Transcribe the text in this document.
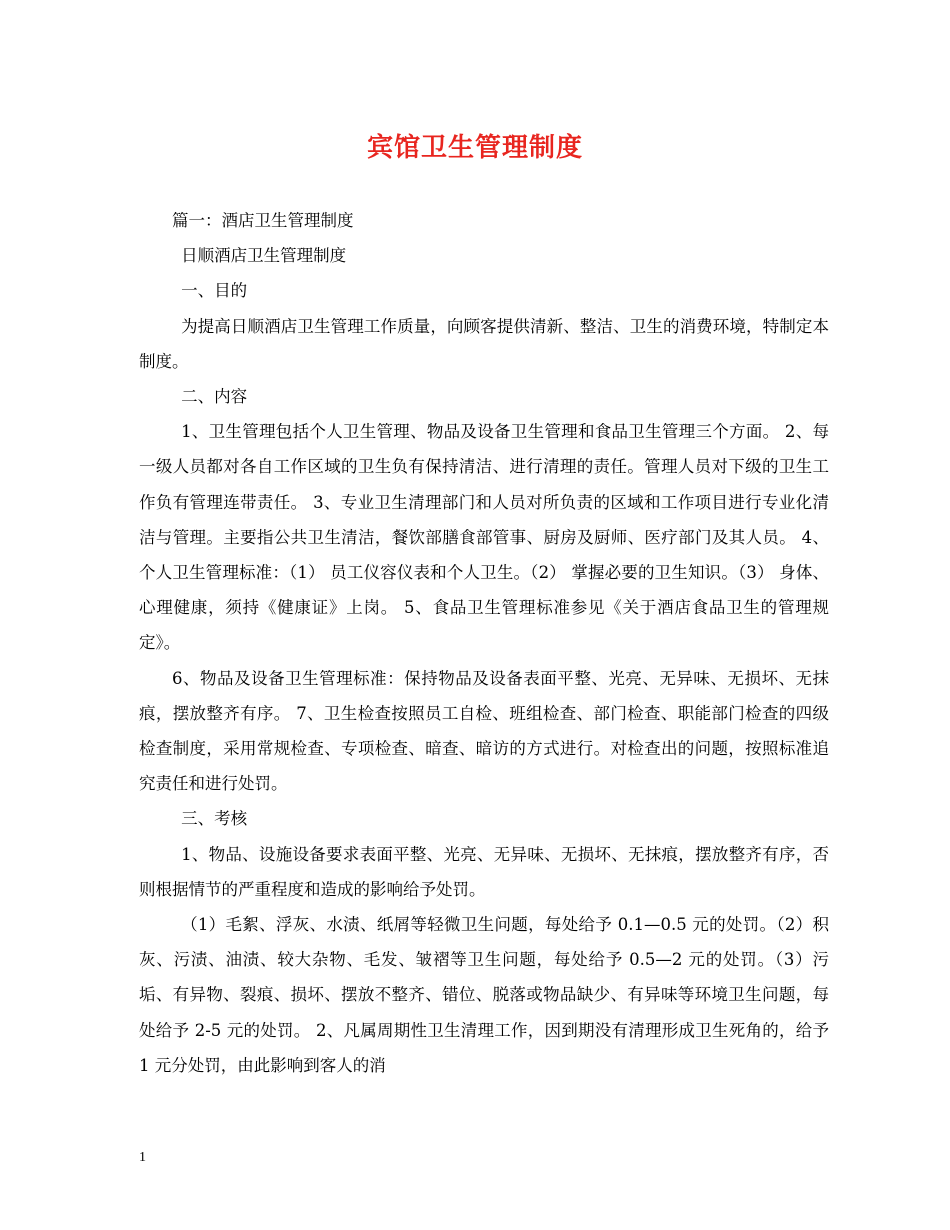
宾馆卫生管理制度

篇一：酒店卫生管理制度

日顺酒店卫生管理制度

一、目的

为提高日顺酒店卫生管理工作质量，向顾客提供清新、整洁、卫生的消费环境，特制定本制度。

二、内容

1、卫生管理包括个人卫生管理、物品及设备卫生管理和食品卫生管理三个方面。 2、每一级人员都对各自工作区域的卫生负有保持清洁、进行清理的责任。管理人员对下级的卫生工作负有管理连带责任。 3、专业卫生清理部门和人员对所负责的区域和工作项目进行专业化清洁与管理。主要指公共卫生清洁，餐饮部膳食部管事、厨房及厨师、医疗部门及其人员。 4、个人卫生管理标准：（1） 员工仪容仪表和个人卫生。（2） 掌握必要的卫生知识。（3） 身体、心理健康，须持《健康证》上岗。 5、食品卫生管理标准参见《关于酒店食品卫生的管理规定》。

6、物品及设备卫生管理标准：保持物品及设备表面平整、光亮、无异味、无损坏、无抹痕，摆放整齐有序。 7、卫生检查按照员工自检、班组检查、部门检查、职能部门检查的四级检查制度，采用常规检查、专项检查、暗查、暗访的方式进行。对检查出的问题，按照标准追究责任和进行处罚。

三、考核

1、物品、设施设备要求表面平整、光亮、无异味、无损坏、无抹痕，摆放整齐有序，否则根据情节的严重程度和造成的影响给予处罚。

（1）毛絮、浮灰、水渍、纸屑等轻微卫生问题，每处给予 0.1—0.5 元的处罚。（2）积灰、污渍、油渍、较大杂物、毛发、皱褶等卫生问题，每处给予 0.5—2 元的处罚。（3）污垢、有异物、裂痕、损坏、摆放不整齐、错位、脱落或物品缺少、有异味等环境卫生问题，每处给予 2-5 元的处罚。 2、凡属周期性卫生清理工作，因到期没有清理形成卫生死角的，给予 1 元分处罚，由此影响到客人的消

1
